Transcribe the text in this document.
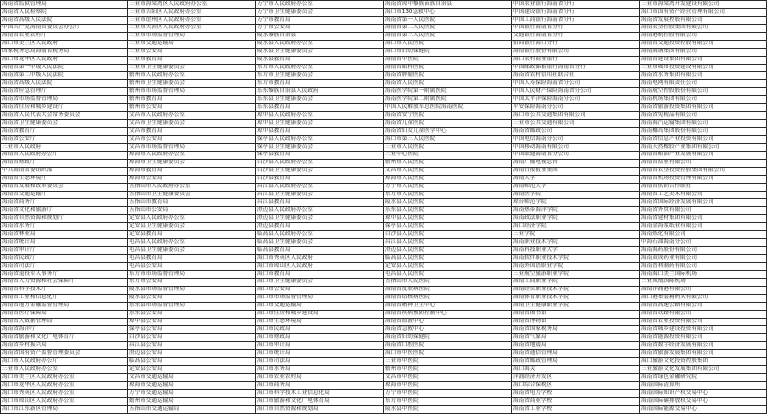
海南省监狱管理局	三亚市海棠湾区人民政府办公室	万宁市人民政府办公室	海南省琼中黎族苗族自治县	中国农业银行海南省分行	三亚市海棠湾开发建设有限公司
海南省人民检察院	三亚市吉阳区人民政府办公室	万宁市卫生健康委员会	海口市130急救中心	中国建设银行海南省分行	海口市国有资产经营管理有限公司
海南省高级人民法院	三亚市崖州区人民政府办公室	万宁市教育局	海南省第一人民医院	中国工商银行海南省分行	海南省发展控股有限公司
中国共产党海南省委员会办公厅	三亚市天涯区人民政府办公室	万宁市公安局	海南省第二人民医院	中国银行海南省分行	海南农垦控股集团有限公司
海南省农业农村厅	三亚市市场监督管理局	陵水黎族自治县	海南省第三人民医院	交通银行海南省分行	海南港航控股有限公司
海口市美兰区人民政府	三亚市交通运输局	陵水县人民政府办公室	海口市人民医院	招商银行海口分行	海南省交通投资控股有限公司
国家税务总局海南省税务局	三亚市公安局	陵水县卫生健康委员会	海口市妇幼保健院	海南银行股份有限公司	海南海钢集团有限公司
海口市龙华区人民政府	三亚市教育局	陵水县教育局	海南省中医院	海口农村商业银行	海南省建设集团有限公司
海南省第一中级人民法院	三亚市卫生健康委员会	东方市人民政府办公室	海南省眼科医院	中国邮政储蓄银行海南省分行	三亚市城市投资建设有限公司
海南省第二中级人民法院	儋州市人民政府办公室	东方市卫生健康委员会	海南省肿瘤医院	海南省农村信用社联合社	海南省水务集团有限公司
海南省高级人民法院	儋州市卫生健康委员会	东方市教育局	海南省人民医院	中国人寿保险海南省分公司	海南电网有限责任公司
海南省应急管理厅	儋州市市场监督管理局	乐东黎族自治县人民政府	海南医学院第一附属医院	中国人民财产保险海南省分公司	海南航空控股股份有限公司
海南省市场监督管理局	儋州市教育局	乐东县卫生健康委员会	海南医学院第二附属医院	中国太平洋保险海南分公司	海南机场集团有限公司
海南省住房和城乡建设厅	儋州市公安局	乐东县教育局	中国人民解放军总医院海南医院	平安保险海南分公司	海南省旅游投资集团有限公司
海南省人民代表大会常务委员会	文昌市人民政府办公室	琼中县人民政府办公室	海南省安宁医院	海口市公共交通集团有限公司	海南省免税品有限公司
海南省卫生健康委员会	文昌市卫生健康委员会	琼中县卫生健康委员会	海南省儿童医院	三亚市公共交通有限公司	海南海汽运输集团有限公司
海南省教育厅	文昌市教育局	琼中县教育局	海南省妇女儿童医学中心	海南省邮政公司	海南椰岛集团股份有限公司
海南省公安厅	文昌市公安局	保亭县人民政府办公室	海口市第三人民医院	中国电信海南分公司	海南省信息产业投资有限公司
三亚市人民政府	文昌市市场监督管理局	保亭县卫生健康委员会	三亚市人民医院	中国移动海南有限公司	海南天然橡胶产业集团有限公司
海南省人民政府办公厅	琼海市人民政府办公室	保亭县教育局	三亚中心医院	中国联通海南省分公司	海南省粮油产业发展有限公司
海南省财政厅	琼海市卫生健康委员会	白沙县人民政府办公室	儋州市人民医院	海南广播电视总台	海南省盐业有限公司
中共海南省委组织部	琼海市教育局	白沙县卫生健康委员会	文昌市人民医院	海南日报报业集团	海南省农垦投资控股集团有限公司
海南省生态环境厅	琼海市公安局	白沙县教育局	琼海市人民医院	海南大学	海南省机场投资管理有限公司
海南省发展和改革委员会	五指山市人民政府办公室	昌江县人民政府办公室	万宁市人民医院	海南师范大学	海南省供销合作联社
海南省交通运输厅	五指山市卫生健康委员会	昌江县卫生健康委员会	东方市人民医院	海南医学院	海南省工艺美术有限公司
海南省商务厅	五指山市教育局	昌江县教育局	陵水县人民医院	琼台师范学院	海南省国际经济发展有限公司
海南省文化和旅游厅	五指山市公安局	澄迈县人民政府办公室	乐东县人民医院	海南热带海洋学院	海南省外贸有限公司
海南省自然资源和规划厅	定安县人民政府办公室	澄迈县卫生健康委员会	琼中县人民医院	海南政法职业学院	海南省建材集团有限公司
海南省水务厅	定安县卫生健康委员会	澄迈县教育局	保亭县人民医院	海口经济学院	海南金海浆纸业有限公司
海南省林业局	定安县教育局	临高县人民政府办公室	白沙县人民医院	三亚学院	海南炼化有限公司
海南省统计局	屯昌县人民政府办公室	临高县卫生健康委员会	昌江县人民医院	海南职业技术学院	中海石油海南分公司
海南省审计厅	屯昌县卫生健康委员会	临高县教育局	澄迈县人民医院	海南科技职业大学	海南海药股份有限公司
海南省民政厅	屯昌县教育局	海口市秀英区人民政府	临高县人民医院	海南软件职业技术学院	海南双成药业有限公司
海南省司法厅	屯昌县公安局	海口市琼山区人民政府	定安县人民医院	海南外国语职业学院	海南普利制药有限公司
海南省退役军人事务厅	东方市市场监督管理局	海口市教育局	屯昌县人民医院	三亚航空旅游职业学院	海南海口美兰国际机场
海南省人力资源和社会保障厅	东方市公安局	海口市卫生健康委员会	五指山市人民医院	海南工商职业学院	三亚凤凰国际机场
海南省科学技术厅	陵水县市场监督管理局	海口市公安局	海南省皮肤病医院	海南经贸职业技术学院	海南洋浦港有限公司
海南省工业和信息化厅	陵水县公安局	海口市市场监督管理局	海南省结核病医院	海南体育职业技术学院	海口港集装箱码头有限公司
海南省地方金融监督管理局	乐东县市场监督管理局	海口市交通运输局	海南省精神卫生中心	海南卫生健康职业学院	海南省高速公路有限公司
海南省医疗保障局	乐东县公安局	海口市住房和城乡建设局	海南省疾病预防控制中心	海南省图书馆	海南省铁路有限公司
海南省大数据管理局	琼中县公安局	海口市生态环境局	海南省血液中心	海南省博物馆	海南省农业投资有限公司
海南省海洋厅	保亭县公安局	海口市民政局	海南省急救中心	海南省国家税务局	海南省城乡建设投资有限公司
海南省旅游和文化广电体育厅	白沙县公安局	海口市财政局	海南省妇幼保健院	海南省气象局	海南省能源投资有限公司
海南省乡村振兴局	昌江县公安局	海口市审计局	海南省口腔医院	海南省地震局	海南省数字经济发展有限公司
海南省国有资产监督管理委员会	澄迈县公安局	海口市统计局	海口市中医医院	海南省通信管理局	海南省旅游发展集团有限公司
海口市人民政府办公厅	临高县公安局	海口市司法局	三亚市中医院	海南省邮政管理局	海口旅游文化投资控股集团
三亚市人民政府办公室	定安县公安局	海口市水务局	儋州市中医院	海口海关	三亚旅游文化发展集团有限公司
海口市美兰区人民政府办公室	文昌市交通运输局	海口市农业农村局	文昌市中医院	洋浦经济开发区	海南省绿色金融研究院
海口市龙华区人民政府办公室	琼海市交通运输局	海口市商务局	琼海市中医院	海口综合保税区	海南国际清算所
海口市秀英区人民政府办公室	万宁市交通运输局	海口市科学技术工业信息化局	万宁市中医院	海南省电力学校	海南国际知识产权交易中心
海口市琼山区人民政府办公室	儋州市交通运输局	海口市旅游和文化广电体育局	东方市中医院	海南省商业学校	海南国际碳排放权交易中心
海口市江东新区管理局	五指山市交通运输局	海口市自然资源和规划局	陵水县中医院	海南省工业学校	海南国际能源交易中心
